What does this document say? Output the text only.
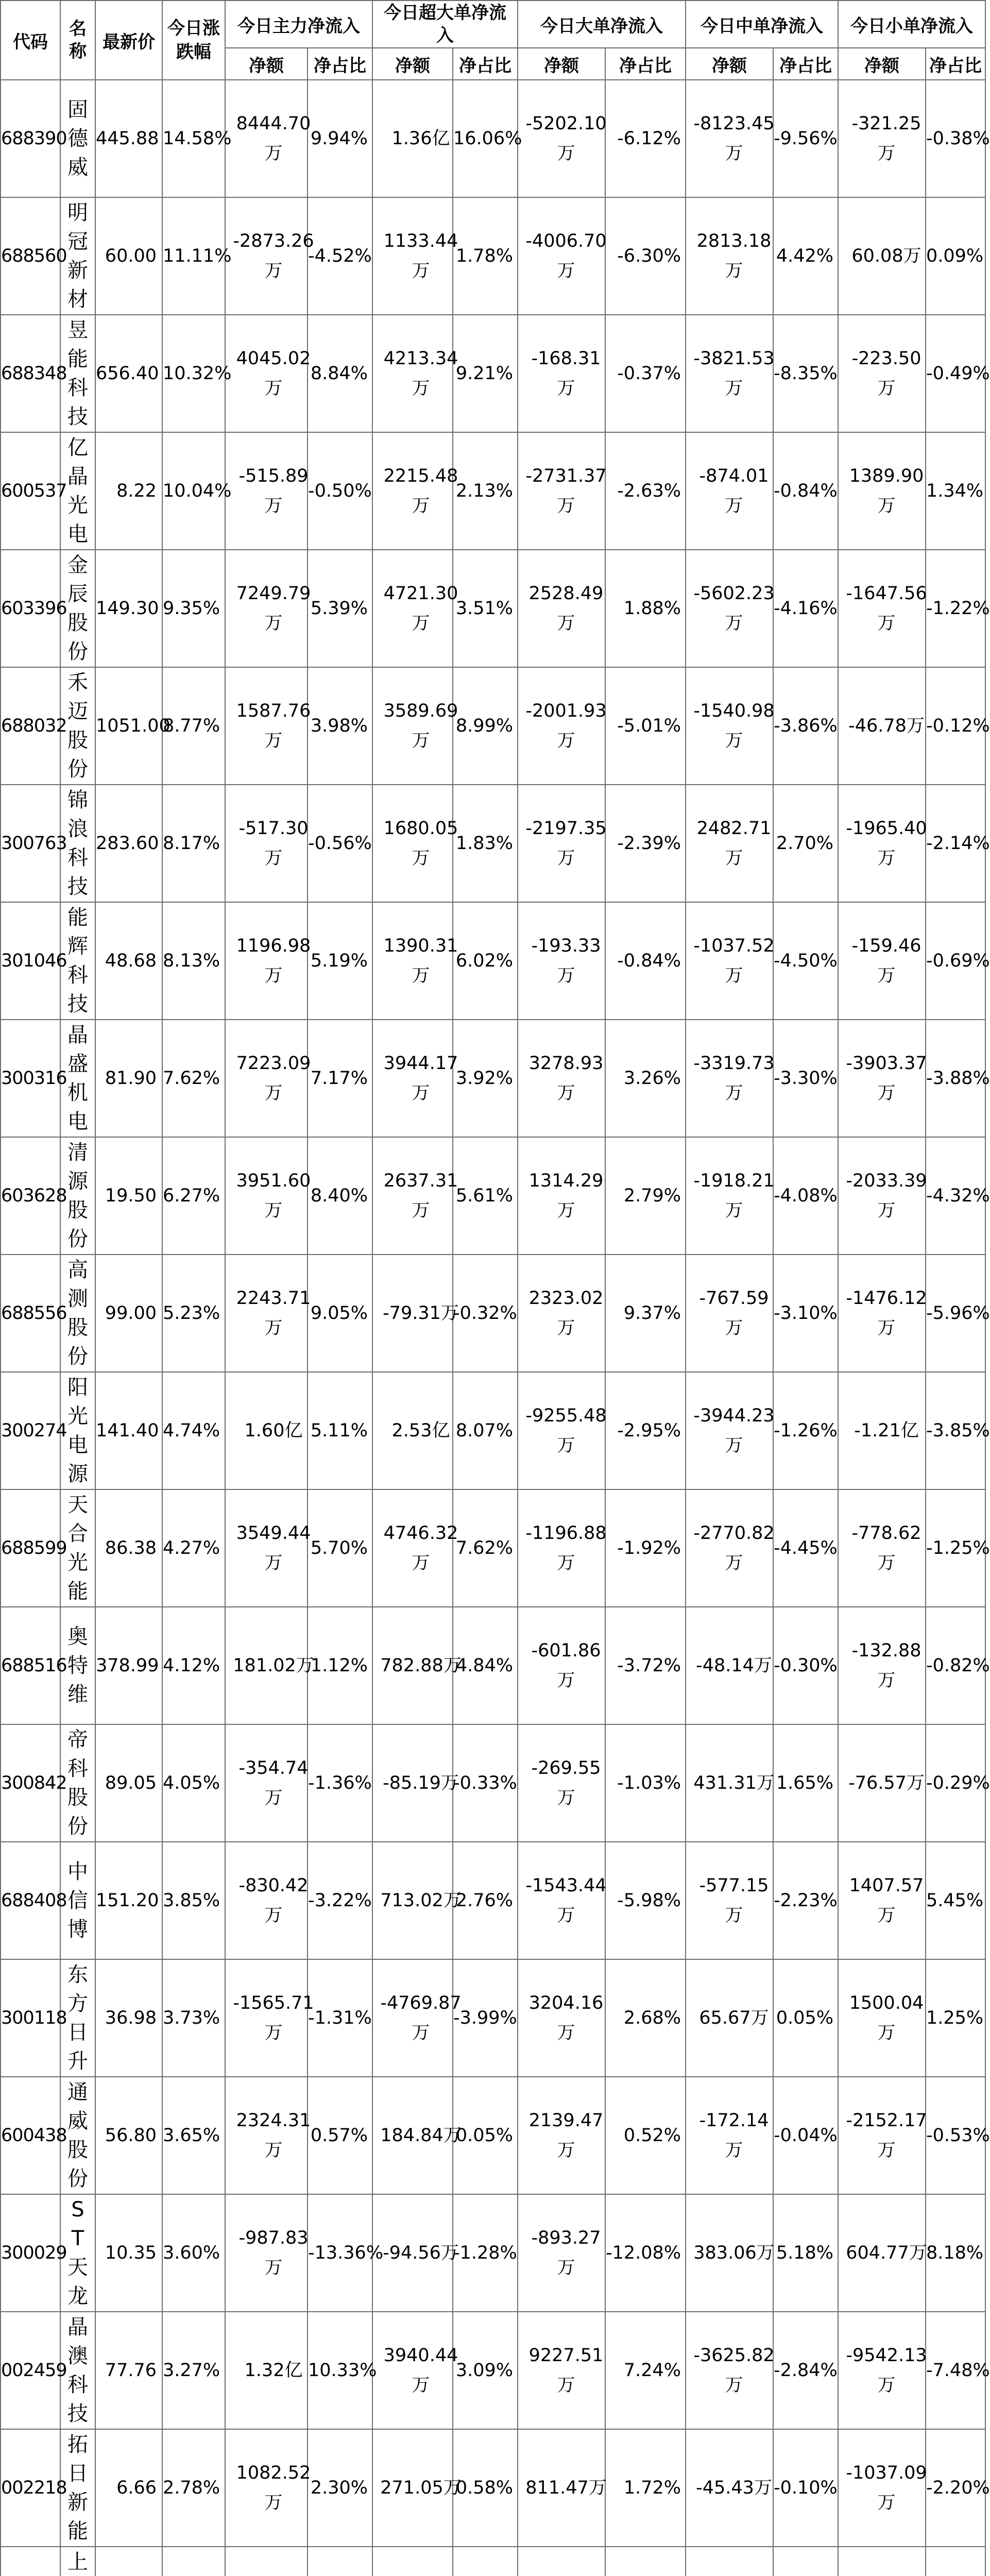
代码	名称	最新价	今日涨跌幅	今日主力净流入		今日超大单净流入		今日大单净流入		今日中单净流入		今日小单净流入	
				净额	净占比	净额	净占比	净额	净占比	净额	净占比	净额	净占比
688390	固德威	445.88	14.58%	8444.70万	9.94%	1.36亿	16.06%	-5202.10万	-6.12%	-8123.45万	-9.56%	-321.25万	-0.38%
688560	明冠新材	60.00	11.11%	-2873.26万	-4.52%	1133.44万	1.78%	-4006.70万	-6.30%	2813.18万	4.42%	60.08万	0.09%
688348	昱能科技	656.40	10.32%	4045.02万	8.84%	4213.34万	9.21%	-168.31万	-0.37%	-3821.53万	-8.35%	-223.50万	-0.49%
600537	亿晶光电	8.22	10.04%	-515.89万	-0.50%	2215.48万	2.13%	-2731.37万	-2.63%	-874.01万	-0.84%	1389.90万	1.34%
603396	金辰股份	149.30	9.35%	7249.79万	5.39%	4721.30万	3.51%	2528.49万	1.88%	-5602.23万	-4.16%	-1647.56万	-1.22%
688032	禾迈股份	1051.00	8.77%	1587.76万	3.98%	3589.69万	8.99%	-2001.93万	-5.01%	-1540.98万	-3.86%	-46.78万	-0.12%
300763	锦浪科技	283.60	8.17%	-517.30万	-0.56%	1680.05万	1.83%	-2197.35万	-2.39%	2482.71万	2.70%	-1965.40万	-2.14%
301046	能辉科技	48.68	8.13%	1196.98万	5.19%	1390.31万	6.02%	-193.33万	-0.84%	-1037.52万	-4.50%	-159.46万	-0.69%
300316	晶盛机电	81.90	7.62%	7223.09万	7.17%	3944.17万	3.92%	3278.93万	3.26%	-3319.73万	-3.30%	-3903.37万	-3.88%
603628	清源股份	19.50	6.27%	3951.60万	8.40%	2637.31万	5.61%	1314.29万	2.79%	-1918.21万	-4.08%	-2033.39万	-4.32%
688556	高测股份	99.00	5.23%	2243.71万	9.05%	-79.31万	-0.32%	2323.02万	9.37%	-767.59万	-3.10%	-1476.12万	-5.96%
300274	阳光电源	141.40	4.74%	1.60亿	5.11%	2.53亿	8.07%	-9255.48万	-2.95%	-3944.23万	-1.26%	-1.21亿	-3.85%
688599	天合光能	86.38	4.27%	3549.44万	5.70%	4746.32万	7.62%	-1196.88万	-1.92%	-2770.82万	-4.45%	-778.62万	-1.25%
688516	奥特维	378.99	4.12%	181.02万	1.12%	782.88万	4.84%	-601.86万	-3.72%	-48.14万	-0.30%	-132.88万	-0.82%
300842	帝科股份	89.05	4.05%	-354.74万	-1.36%	-85.19万	-0.33%	-269.55万	-1.03%	431.31万	1.65%	-76.57万	-0.29%
688408	中信博	151.20	3.85%	-830.42万	-3.22%	713.02万	2.76%	-1543.44万	-5.98%	-577.15万	-2.23%	1407.57万	5.45%
300118	东方日升	36.98	3.73%	-1565.71万	-1.31%	-4769.87万	-3.99%	3204.16万	2.68%	65.67万	0.05%	1500.04万	1.25%
600438	通威股份	56.80	3.65%	2324.31万	0.57%	184.84万	0.05%	2139.47万	0.52%	-172.14万	-0.04%	-2152.17万	-0.53%
300029	ST天龙	10.35	3.60%	-987.83万	-13.36%	-94.56万	-1.28%	-893.27万	-12.08%	383.06万	5.18%	604.77万	8.18%
002459	晶澳科技	77.76	3.27%	1.32亿	10.33%	3940.44万	3.09%	9227.51万	7.24%	-3625.82万	-2.84%	-9542.13万	-7.48%
002218	拓日新能	6.66	2.78%	1082.52万	2.30%	271.05万	0.58%	811.47万	1.72%	-45.43万	-0.10%	-1037.09万	-2.20%

上
